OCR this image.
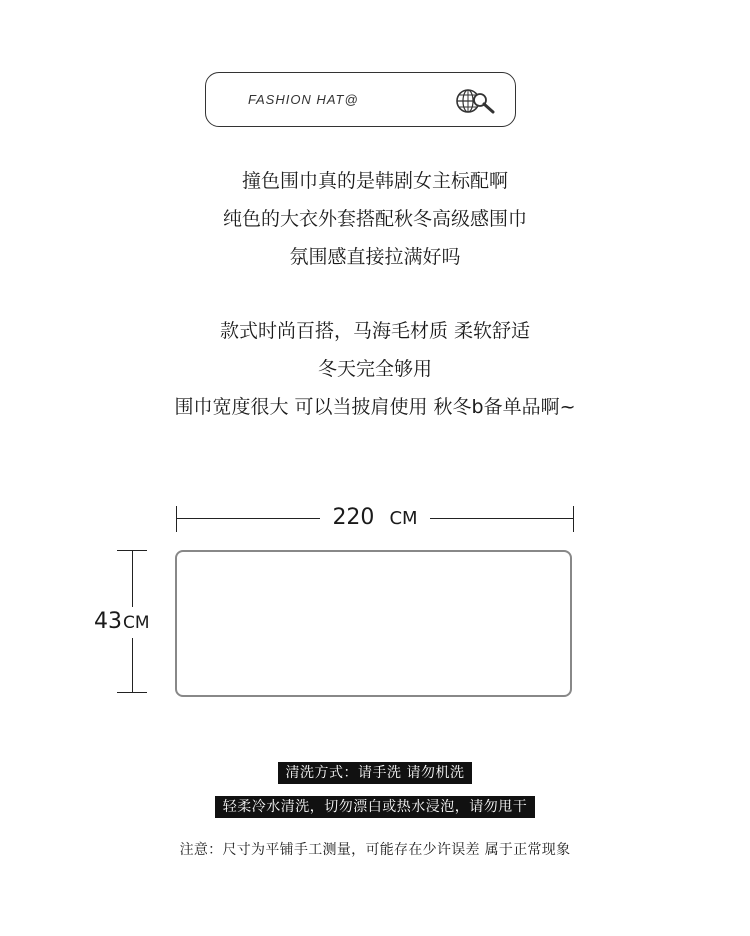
FASHION HAT@

撞色围巾真的是韩剧女主标配啊

纯色的大衣外套搭配秋冬高级感围巾

氛围感直接拉满好吗

款式时尚百搭，马海毛材质 柔软舒适

冬天完全够用

围巾宽度很大 可以当披肩使用 秋冬b备单品啊~

220 CM
43CM
清洗方式：请手洗 请勿机洗
轻柔冷水清洗，切勿漂白或热水浸泡，请勿甩干
注意：尺寸为平铺手工测量，可能存在少许误差 属于正常现象
